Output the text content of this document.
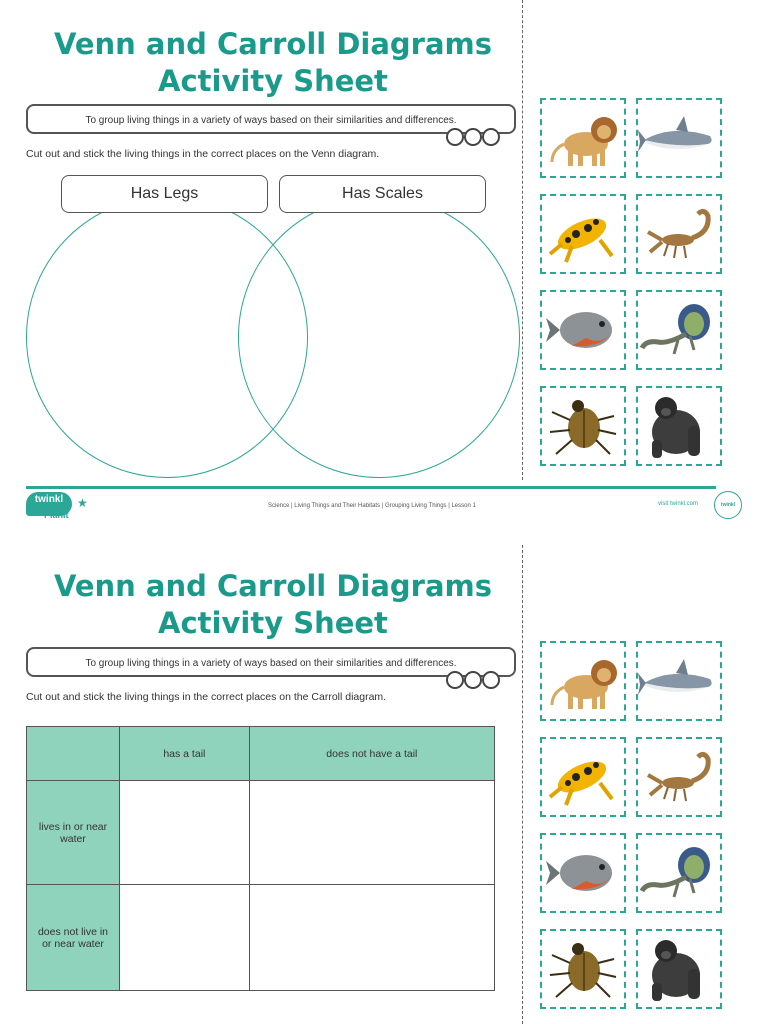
Venn and Carroll Diagrams
Activity Sheet
To group living things in a variety of ways based on their similarities and differences.
Cut out and stick the living things in the correct places on the Venn diagram.
Has Legs	Has Scales
twinkl
PlanIt
★	Science | Living Things and Their Habitats | Grouping Living Things | Lesson 1	visit twinkl.com	twinkl
Venn and Carroll Diagrams
Activity Sheet
To group living things in a variety of ways based on their similarities and differences.
Cut out and stick the living things in the correct places on the Carroll diagram.
	has a tail	does not have a tail
lives in or near water		
does not live in or near water		
